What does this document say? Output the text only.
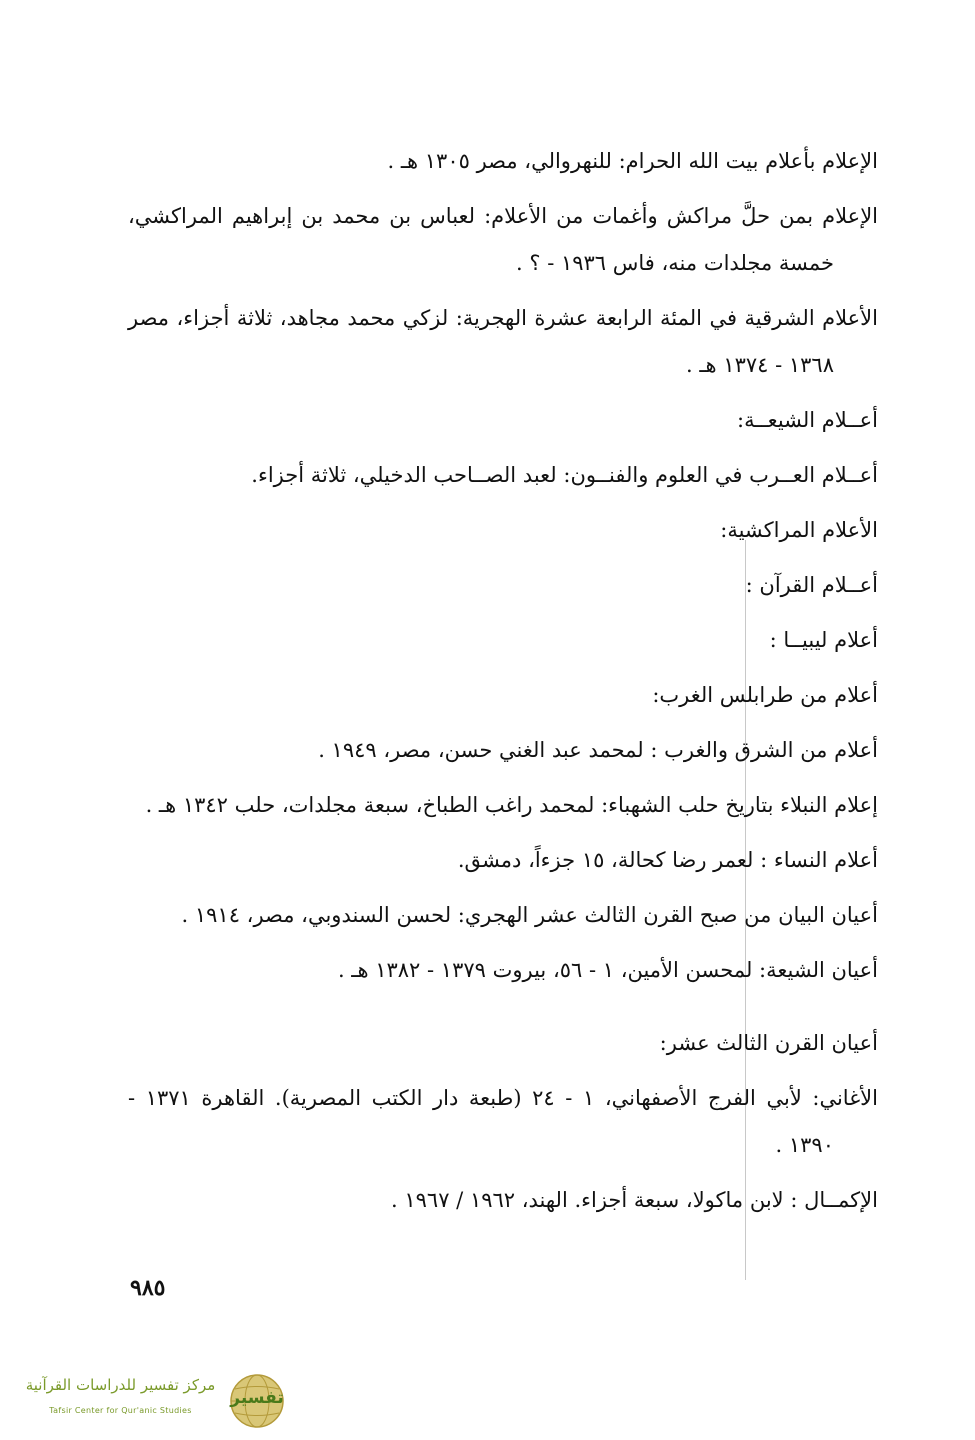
الإعلام بأعلام بيت الله الحرام: للنهروالي، مصر ١٣٠٥ هـ .

الإعلام بمن حلَّ مراكش وأغمات من الأعلام: لعباس بن محمد بن إبراهيم المراكشي، خمسة مجلدات منه، فاس ١٩٣٦ - ؟ .

الأعلام الشرقية في المئة الرابعة عشرة الهجرية: لزكي محمد مجاهد، ثلاثة أجزاء، مصر ١٣٦٨ - ١٣٧٤ هـ .

أعــلام الشيعــة:

أعــلام العــرب في العلوم والفنــون: لعبد الصــاحب الدخيلي، ثلاثة أجزاء.

الأعلام المراكشية:

أعــلام القرآن :

أعلام ليبيــا :

أعلام من طرابلس الغرب:

أعلام من الشرق والغرب : لمحمد عبد الغني حسن، مصر، ١٩٤٩ .

إعلام النبلاء بتاريخ حلب الشهباء: لمحمد راغب الطباخ، سبعة مجلدات، حلب ١٣٤٢ هـ .

أعلام النساء : لعمر رضا كحالة، ١٥ جزءاً، دمشق.

أعيان البيان من صبح القرن الثالث عشر الهجري: لحسن السندوبي، مصر، ١٩١٤ .

أعيان الشيعة: لمحسن الأمين، ١ - ٥٦، بيروت ١٣٧٩ - ١٣٨٢ هـ .

أعيان القرن الثالث عشر:

الأغاني: لأبي الفرج الأصفهاني، ١ - ٢٤ (طبعة دار الكتب المصرية). القاهرة ١٣٧١ - ١٣٩٠ .

الإكمــال : لابن ماكولا، سبعة أجزاء. الهند، ١٩٦٢ / ١٩٦٧ .

٩٨٥
مركز تفسير للدراسات القرآنية
Tafsir Center for Qur'anic Studies
تفسير
